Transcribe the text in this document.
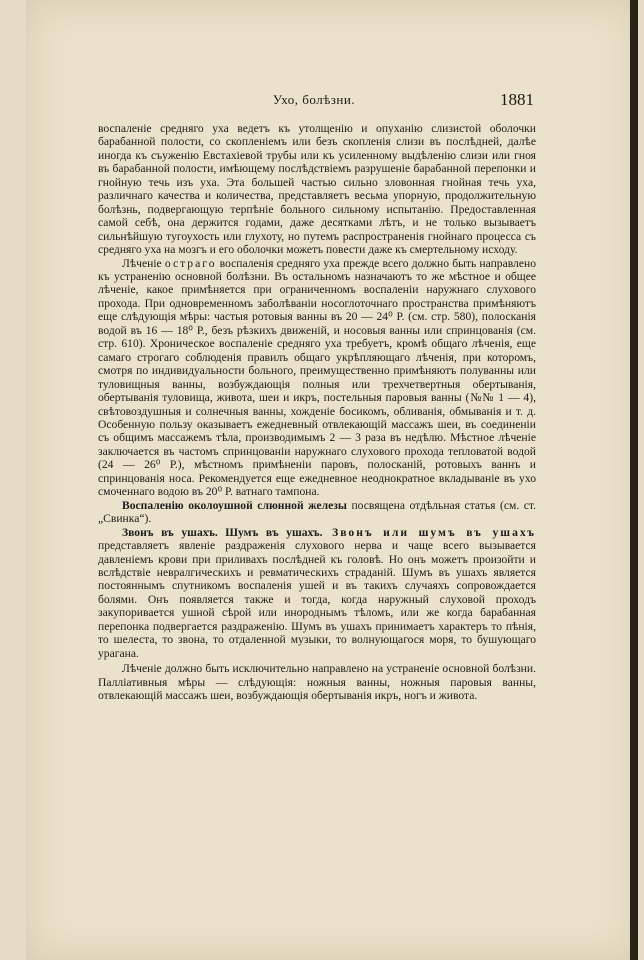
Ухо, болѣзни.	1881

воспаленіе средняго уха ведетъ къ утолщенію и опуханію слизистой оболочки барабанной полости, со скопленіемъ или безъ скопленія слизи въ послѣдней, далѣе иногда къ съуженію Евстахіевой трубы или къ усиленному выдѣленію слизи или гноя въ барабанной полости, имѣющему послѣдствіемъ разрушеніе барабанной перепонки и гнойную течь изъ уха. Эта большей частью сильно зловонная гнойная течь уха, различнаго качества и количества, представляетъ весьма упорную, продолжительную болѣзнь, подвергающую терпѣніе больного сильному испытанію. Предоставленная самой себѣ, она держится годами, даже десятками лѣтъ, и не только вызываетъ сильнѣйшую тугоухость или глухоту, но путемъ распространенія гнойнаго процесса съ средняго уха на мозгъ и его оболочки можетъ повести даже къ смертельному исходу.

Лѣченіе остраго воспаленія средняго уха прежде всего должно быть направлено къ устраненію основной болѣзни. Въ остальномъ назначаютъ то же мѣстное и общее лѣченіе, какое примѣняется при ограниченномъ воспаленіи наружнаго слухового прохода. При одновременномъ заболѣваніи носоглоточнаго пространства примѣняютъ еще слѣдующія мѣры: частыя ротовыя ванны въ 20 — 24⁰ Р. (см. стр. 580), полосканія водой въ 16 — 18⁰ Р., безъ рѣзкихъ движеній, и носовыя ванны или спринцованія (см. стр. 610). Хроническое воспаленіе средняго уха требуетъ, кромѣ общаго лѣченія, еще самаго строгаго соблюденія правилъ общаго укрѣпляющаго лѣченія, при которомъ, смотря по индивидуальности больного, преимущественно примѣняютъ полуванны или туловищныя ванны, возбуждающія полныя или трехчетвертныя обертыванія, обертыванія туловища, живота, шеи и икръ, постельныя паровыя ванны (№№ 1 — 4), свѣтовоздушныя и солнечныя ванны, хожденіе босикомъ, обливанія, обмыванія и т. д. Особенную пользу оказываетъ ежедневный отвлекающій массажъ шеи, въ соединеніи съ общимъ массажемъ тѣла, производимымъ 2 — 3 раза въ недѣлю. Мѣстное лѣченіе заключается въ частомъ спринцованіи наружнаго слухового прохода тепловатой водой (24 — 26⁰ Р.), мѣстномъ примѣненіи паровъ, полосканій, ротовыхъ ваннъ и спринцованія носа. Рекомендуется еще ежедневное неоднократное вкладываніе въ ухо смоченнаго водою въ 20⁰ Р. ватнаго тампона.

Воспаленію околоушной слюнной железы посвящена отдѣльная статья (см. ст. „Свинка“).

Звонъ въ ушахъ. Шумъ въ ушахъ. Звонъ или шумъ въ ушахъ представляетъ явленіе раздраженія слухового нерва и чаще всего вызывается давленіемъ крови при приливахъ послѣдней къ головѣ. Но онъ можетъ произойти и вслѣдствіе невралгическихъ и ревматическихъ страданій. Шумъ въ ушахъ является постояннымъ спутникомъ воспаленія ушей и въ такихъ случаяхъ сопровождается болями. Онъ появляется также и тогда, когда наружный слуховой проходъ закупоривается ушной сѣрой или инороднымъ тѣломъ, или же когда барабанная перепонка подвергается раздраженію. Шумъ въ ушахъ принимаетъ характеръ то пѣнія, то шелеста, то звона, то отдаленной музыки, то волнующагося моря, то бушующаго урагана.

Лѣченіе должно быть исключительно направлено на устраненіе основной болѣзни. Паллiативныя мѣры — слѣдующія: ножныя ванны, ножныя паровыя ванны, отвлекающій массажъ шеи, возбуждающія обертыванія икръ, ногъ и живота.
